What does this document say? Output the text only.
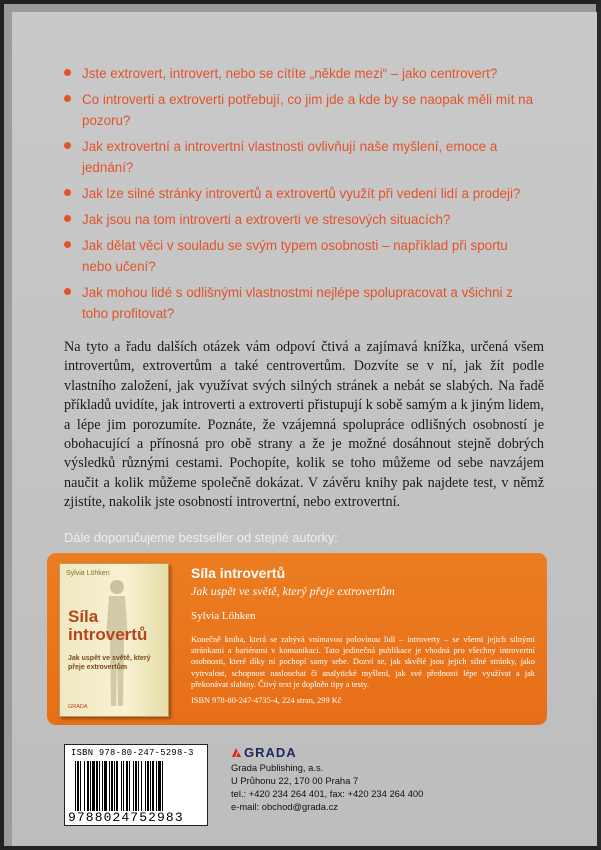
Jste extrovert, introvert, nebo se cítíte „někde mezi“ – jako centrovert?
Co introverti a extroverti potřebují, co jim jde a kde by se naopak měli mít na pozoru?
Jak extrovertní a introvertní vlastnosti ovlivňují naše myšlení, emoce a jednání?
Jak lze silné stránky introvertů a extrovertů využít při vedení lidí a prodeji?
Jak jsou na tom introverti a extroverti ve stresových situacích?
Jak dělat věci v souladu se svým typem osobnosti – například při sportu nebo učení?
Jak mohou lidé s odlišnými vlastnostmi nejlépe spolupracovat a všichni z toho profitovat?

Na tyto a řadu dalších otázek vám odpoví čtivá a zajímavá knížka, určená všem introvertům, extrovertům a také centrovertům. Dozvíte se v ní, jak žít podle vlastního založení, jak využívat svých silných stránek a nebát se slabých. Na řadě příkladů uvidíte, jak introverti a extroverti přistupují k sobě samým a k jiným lidem, a lépe jim porozumíte. Poznáte, že vzájemná spolupráce odlišných osobností je obohacující a přínosná pro obě strany a že je možné dosáhnout stejně dobrých výsledků různými cestami. Pochopíte, kolik se toho můžeme od sebe navzájem naučit a kolik můžeme společně dokázat. V závěru knihy pak najdete test, v němž zjistíte, nakolik jste osobností introvertní, nebo extrovertní.

Dále doporučujeme bestseller od stejné autorky:
Sylvia Löhken
Síla
introvertů
Jak uspět ve světě, který přeje extrovertům
GRADA
Síla introvertů
Jak uspět ve světě, který přeje extrovertům
Sylvia Löhken
Konečně kniha, která se zabývá vnímavou polovinou lidí – introverty – se všemi jejich silnými stránkami a bariérami v komunikaci. Tato jedinečná publikace je vhodná pro všechny introvertní osobnosti, které díky ní pochopí samy sebe. Dozví se, jak skvělé jsou jejich silné stránky, jako vytrvalost, schopnost naslouchat či analytické myšlení, jak své přednosti lépe využívat a jak překonávat slabiny. Čtivý text je doplněn tipy a testy.
ISBN 978-80-247-4735-4, 224 stran, 299 Kč
ISBN 978-80-247-5298-3
9788024752983
GRADA
Grada Publishing, a.s.
U Průhonu 22, 170 00 Praha 7
tel.: +420 234 264 401, fax: +420 234 264 400
e-mail: obchod@grada.cz
